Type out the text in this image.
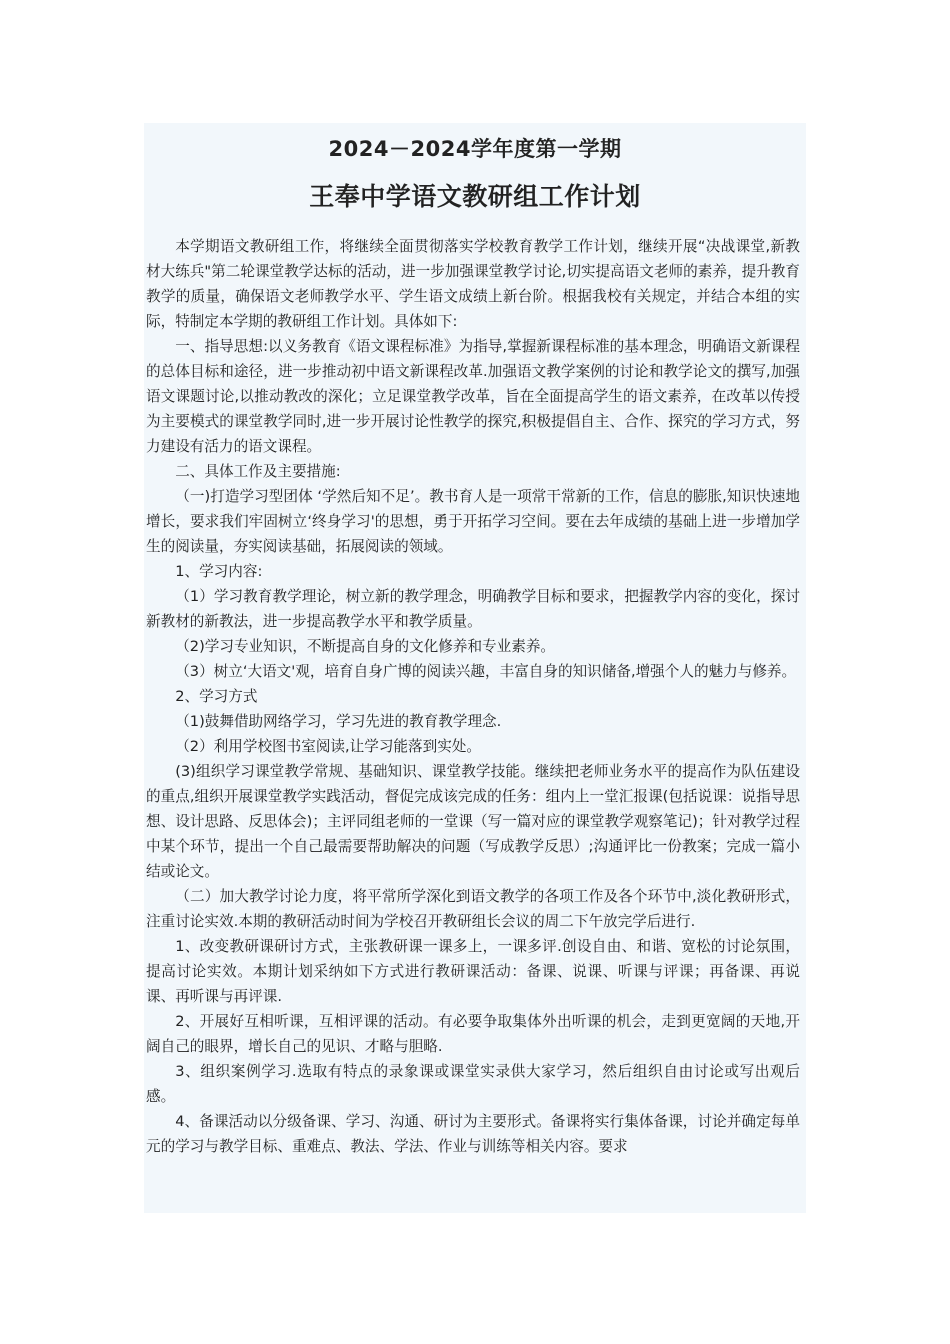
2024－2024学年度第一学期
王奉中学语文教研组工作计划

本学期语文教研组工作，将继续全面贯彻落实学校教育教学工作计划，继续开展“决战课堂,新教材大练兵"第二轮课堂教学达标的活动，进一步加强课堂教学讨论,切实提高语文老师的素养，提升教育教学的质量，确保语文老师教学水平、学生语文成绩上新台阶。根据我校有关规定，并结合本组的实际，特制定本学期的教研组工作计划。具体如下:

一、指导思想:以义务教育《语文课程标准》为指导,掌握新课程标准的基本理念，明确语文新课程的总体目标和途径，进一步推动初中语文新课程改革.加强语文教学案例的讨论和教学论文的撰写,加强语文课题讨论,以推动教改的深化；立足课堂教学改革，旨在全面提高学生的语文素养，在改革以传授为主要模式的课堂教学同时,进一步开展讨论性教学的探究,积极提倡自主、合作、探究的学习方式，努力建设有活力的语文课程。

二、具体工作及主要措施:

（一)打造学习型团体 ‘学然后知不足’。教书育人是一项常干常新的工作，信息的膨胀,知识快速地增长，要求我们牢固树立‘终身学习'的思想，勇于开拓学习空间。要在去年成绩的基础上进一步增加学生的阅读量，夯实阅读基础，拓展阅读的领域。

1、学习内容:

（1）学习教育教学理论，树立新的教学理念，明确教学目标和要求，把握教学内容的变化，探讨新教材的新教法，进一步提高教学水平和教学质量。

（2)学习专业知识，不断提高自身的文化修养和专业素养。

（3）树立‘大语文'观，培育自身广博的阅读兴趣，丰富自身的知识储备,增强个人的魅力与修养。

2、学习方式

（1)鼓舞借助网络学习，学习先进的教育教学理念.

（2）利用学校图书室阅读,让学习能落到实处。

(3)组织学习课堂教学常规、基础知识、课堂教学技能。继续把老师业务水平的提高作为队伍建设的重点,组织开展课堂教学实践活动，督促完成该完成的任务：组内上一堂汇报课(包括说课：说指导思想、设计思路、反思体会)；主评同组老师的一堂课（写一篇对应的课堂教学观察笔记)；针对教学过程中某个环节，提出一个自己最需要帮助解决的问题（写成教学反思）;沟通评比一份教案；完成一篇小结或论文。

（二）加大教学讨论力度，将平常所学深化到语文教学的各项工作及各个环节中,淡化教研形式，注重讨论实效.本期的教研活动时间为学校召开教研组长会议的周二下午放完学后进行.

1、改变教研课研讨方式，主张教研课一课多上，一课多评.创设自由、和谐、宽松的讨论氛围，提高讨论实效。本期计划采纳如下方式进行教研课活动：备课、说课、听课与评课；再备课、再说课、再听课与再评课.

2、开展好互相听课，互相评课的活动。有必要争取集体外出听课的机会，走到更宽阔的天地,开阔自己的眼界，增长自己的见识、才略与胆略.

3、组织案例学习.选取有特点的录象课或课堂实录供大家学习，然后组织自由讨论或写出观后感。

4、备课活动以分级备课、学习、沟通、研讨为主要形式。备课将实行集体备课，讨论并确定每单元的学习与教学目标、重难点、教法、学法、作业与训练等相关内容。要求
